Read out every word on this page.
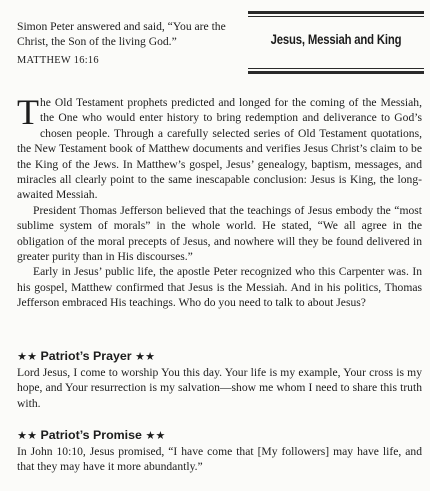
Simon Peter answered and said, “You are the Christ, the Son of the living God.”
MATTHEW 16:16
Jesus, Messiah and King

The Old Testament prophets predicted and longed for the coming of the Messiah, the One who would enter history to bring redemption and deliverance to God’s chosen people. Through a carefully selected series of Old Testament quotations, the New Testament book of Matthew documents and verifies Jesus Christ’s claim to be the King of the Jews. In Matthew’s gospel, Jesus’ genealogy, baptism, messages, and miracles all clearly point to the same inescapable conclusion: Jesus is King, the long-awaited Messiah.

President Thomas Jefferson believed that the teachings of Jesus embody the “most sublime system of morals” in the whole world. He stated, “We all agree in the obligation of the moral precepts of Jesus, and nowhere will they be found delivered in greater purity than in His discourses.”

Early in Jesus’ public life, the apostle Peter recognized who this Carpenter was. In his gospel, Matthew confirmed that Jesus is the Messiah. And in his politics, Thomas Jefferson embraced His teachings. Who do you need to talk to about Jesus?

★★ Patriot’s Prayer ★★
Lord Jesus, I come to worship You this day. Your life is my example, Your cross is my hope, and Your resurrection is my salvation—show me whom I need to share this truth with.
★★ Patriot’s Promise ★★
In John 10:10, Jesus promised, “I have come that [My followers] may have life, and that they may have it more abundantly.”
